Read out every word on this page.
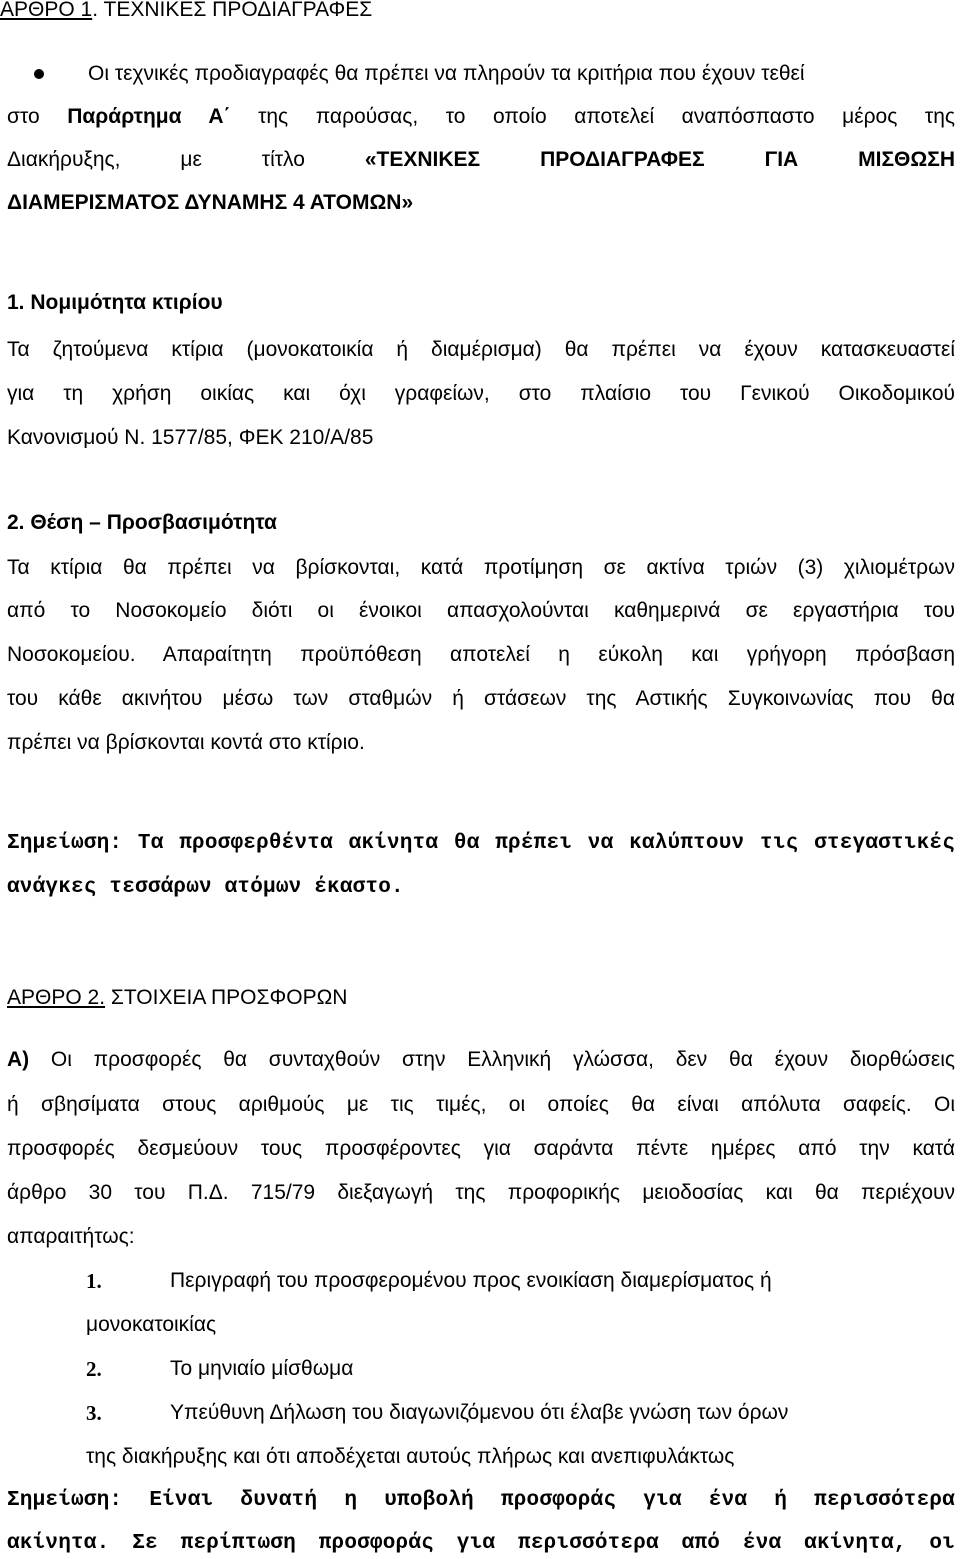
ΑΡΘΡΟ 1. ΤΕΧΝΙΚΕΣ ΠΡΟΔΙΑΓΡΑΦΕΣ
Οι τεχνικές προδιαγραφές θα πρέπει να πληρούν τα κριτήρια που έχουν τεθεί
στο Παράρτημα Α΄ της παρούσας, το οποίο αποτελεί αναπόσπαστο μέρος της
Διακήρυξης, με τίτλο «ΤΕΧΝΙΚΕΣ ΠΡΟΔΙΑΓΡΑΦΕΣ ΓΙΑ ΜΙΣΘΩΣΗ
ΔΙΑΜΕΡΙΣΜΑΤΟΣ ΔΥΝΑΜΗΣ 4 ΑΤΟΜΩΝ»
1. Νομιμότητα κτιρίου
Τα ζητούμενα κτίρια (μονοκατοικία ή διαμέρισμα) θα πρέπει να έχουν κατασκευαστεί
για τη χρήση οικίας και όχι γραφείων, στο πλαίσιο του Γενικού Οικοδομικού
Κανονισμού Ν. 1577/85, ΦΕΚ 210/Α/85
2. Θέση – Προσβασιμότητα
Τα κτίρια θα πρέπει να βρίσκονται, κατά προτίμηση σε ακτίνα τριών (3) χιλιομέτρων
από το Νοσοκομείο διότι οι ένοικοι απασχολούνται καθημερινά σε εργαστήρια του
Νοσοκομείου. Απαραίτητη προϋπόθεση αποτελεί η εύκολη και γρήγορη πρόσβαση
του κάθε ακινήτου μέσω των σταθμών ή στάσεων της Αστικής Συγκοινωνίας που θα
πρέπει να βρίσκονται κοντά στο κτίριο.
Σημείωση: Τα προσφερθέντα ακίνητα θα πρέπει να καλύπτουν τις στεγαστικές
ανάγκες τεσσάρων ατόμων έκαστο.
ΑΡΘΡΟ 2. ΣΤΟΙΧΕΙΑ ΠΡΟΣΦΟΡΩΝ
Α) Οι προσφορές θα συνταχθούν στην Ελληνική γλώσσα, δεν θα έχουν διορθώσεις
ή σβησίματα στους αριθμούς με τις τιμές, οι οποίες θα είναι απόλυτα σαφείς. Οι
προσφορές δεσμεύουν τους προσφέροντες για σαράντα πέντε ημέρες από την κατά
άρθρο 30 του Π.Δ. 715/79 διεξαγωγή της προφορικής μειοδοσίας και θα περιέχουν
απαραιτήτως:
1.	Περιγραφή του προσφερομένου προς ενοικίαση διαμερίσματος ή
μονοκατοικίας
2.	Το μηνιαίο μίσθωμα
3.	Υπεύθυνη Δήλωση του διαγωνιζόμενου ότι έλαβε γνώση των όρων
της διακήρυξης και ότι αποδέχεται αυτούς πλήρως και ανεπιφυλάκτως
Σημείωση: Είναι δυνατή η υποβολή προσφοράς για ένα ή περισσότερα
ακίνητα. Σε περίπτωση προσφοράς για περισσότερα από ένα ακίνητα, οι
